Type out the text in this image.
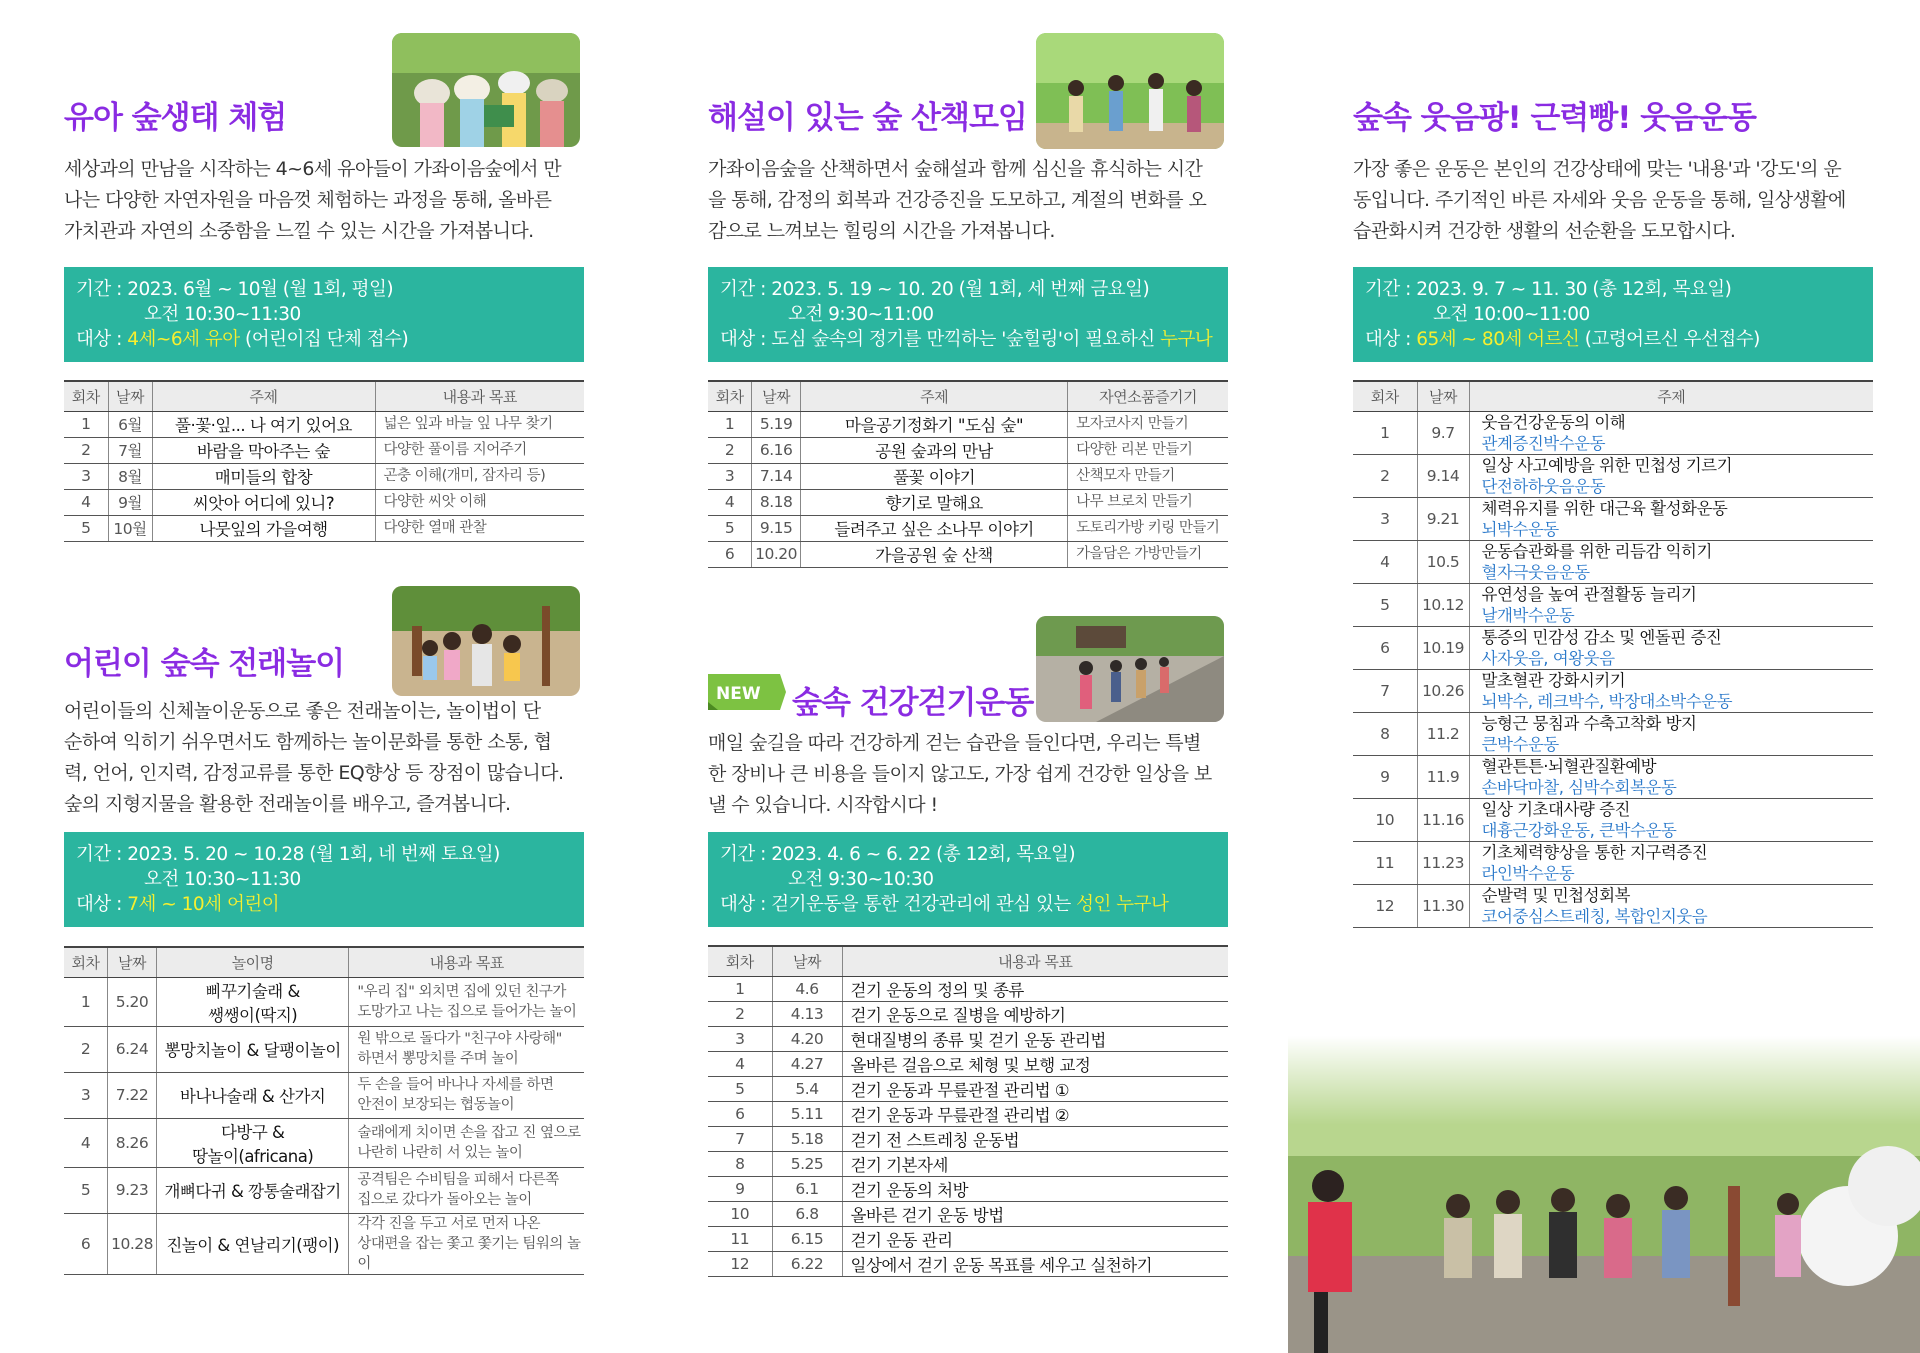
유아 숲생태 체험
세상과의 만남을 시작하는 4~6세 유아들이 가좌이음숲에서 만
나는 다양한 자연자원을 마음껏 체험하는 과정을 통해, 올바른
가치관과 자연의 소중함을 느낄 수 있는 시간을 가져봅니다.
기간 : 2023. 6월 ~ 10월 (월 1회, 평일)
오전 10:30~11:30
대상 : 4세~6세 유아 (어린이집 단체 접수)
회차	날짜	주제	내용과 목표
1	6월	풀·꽃·잎... 나 여기 있어요	넓은 잎과 바늘 잎 나무 찾기
2	7월	바람을 막아주는 숲	다양한 풀이름 지어주기
3	8월	매미들의 합창	곤충 이해(개미, 잠자리 등)
4	9월	씨앗아 어디에 있니?	다양한 씨앗 이해
5	10월	나뭇잎의 가을여행	다양한 열매 관찰
어린이 숲속 전래놀이
어린이들의 신체놀이운동으로 좋은 전래놀이는, 놀이법이 단
순하여 익히기 쉬우면서도 함께하는 놀이문화를 통한 소통, 협
력, 언어, 인지력, 감정교류를 통한 EQ향상 등 장점이 많습니다.
숲의 지형지물을 활용한 전래놀이를 배우고, 즐겨봅니다.
기간 : 2023. 5. 20 ~ 10.28 (월 1회, 네 번째 토요일)
오전 10:30~11:30
대상 : 7세 ~ 10세 어린이
회차	날짜	놀이명	내용과 목표
1	5.20	삐꾸기술래 &
쌩쌩이(딱지)	"우리 집" 외치면 집에 있던 친구가
도망가고 나는 집으로 들어가는 놀이
2	6.24	뽕망치놀이 & 달팽이놀이	원 밖으로 돌다가 "친구야 사랑해"
하면서 뽕망치를 주며 놀이
3	7.22	바나나술래 & 산가지	두 손을 들어 바나나 자세를 하면
안전이 보장되는 협동놀이
4	8.26	다방구 &
땅놀이(africana)	술래에게 치이면 손을 잡고 진 옆으로
나란히 나란히 서 있는 놀이
5	9.23	개뼈다귀 & 깡통술래잡기	공격팀은 수비팀을 피해서 다른쪽
집으로 갔다가 돌아오는 놀이
6	10.28	진놀이 & 연날리기(팽이)	각각 진을 두고 서로 먼저 나온
상대편을 잡는 쫓고 쫓기는 팀워의 놀이
해설이 있는 숲 산책모임
가좌이음숲을 산책하면서 숲해설과 함께 심신을 휴식하는 시간
을 통해, 감정의 회복과 건강증진을 도모하고, 계절의 변화를 오
감으로 느껴보는 힐링의 시간을 가져봅니다.
기간 : 2023. 5. 19 ~ 10. 20 (월 1회, 세 번째 금요일)
오전 9:30~11:00
대상 : 도심 숲속의 정기를 만끽하는 '숲힐링'이 필요하신 누구나
회차	날짜	주제	자연소품즐기기
1	5.19	마을공기정화기 "도심 숲"	모자코사지 만들기
2	6.16	공원 숲과의 만남	다양한 리본 만들기
3	7.14	풀꽃 이야기	산책모자 만들기
4	8.18	향기로 말해요	나무 브로치 만들기
5	9.15	들려주고 싶은 소나무 이야기	도토리가방 키링 만들기
6	10.20	가을공원 숲 산책	가을담은 가방만들기
NEW 숲속 건강걷기운동
매일 숲길을 따라 건강하게 걷는 습관을 들인다면, 우리는 특별
한 장비나 큰 비용을 들이지 않고도, 가장 쉽게 건강한 일상을 보
낼 수 있습니다. 시작합시다 !
기간 : 2023. 4. 6 ~ 6. 22 (총 12회, 목요일)
오전 9:30~10:30
대상 : 걷기운동을 통한 건강관리에 관심 있는 성인 누구나
회차	날짜	내용과 목표
1	4.6	걷기 운동의 정의 및 종류
2	4.13	걷기 운동으로 질병을 예방하기
3	4.20	현대질병의 종류 및 걷기 운동 관리법
4	4.27	올바른 걸음으로 체형 및 보행 교정
5	5.4	걷기 운동과 무릎관절 관리법 ①
6	5.11	걷기 운동과 무릎관절 관리법 ②
7	5.18	걷기 전 스트레칭 운동법
8	5.25	걷기 기본자세
9	6.1	걷기 운동의 처방
10	6.8	올바른 걷기 운동 방법
11	6.15	걷기 운동 관리
12	6.22	일상에서 걷기 운동 목표를 세우고 실천하기
숲속 웃음팡! 근력빵! 웃음운동
가장 좋은 운동은 본인의 건강상태에 맞는 '내용'과 '강도'의 운
동입니다. 주기적인 바른 자세와 웃음 운동을 통해, 일상생활에
습관화시켜 건강한 생활의 선순환을 도모합시다.
기간 : 2023. 9. 7 ~ 11. 30 (총 12회, 목요일)
오전 10:00~11:00
대상 : 65세 ~ 80세 어르신 (고령어르신 우선접수)
회차	날짜	주제
1	9.7	웃음건강운동의 이해
관계증진박수운동

2	9.14	일상 사고예방을 위한 민첩성 기르기
단전하하웃음운동

3	9.21	체력유지를 위한 대근육 활성화운동
뇌박수운동

4	10.5	운동습관화를 위한 리듬감 익히기
혈자극웃음운동

5	10.12	유연성을 높여 관절활동 늘리기
날개박수운동

6	10.19	통증의 민감성 감소 및 엔돌핀 증진
사자웃음, 여왕웃음

7	10.26	말초혈관 강화시키기
뇌박수, 레크박수, 박장대소박수운동

8	11.2	능형근 뭉침과 수축고착화 방지
큰박수운동

9	11.9	혈관튼튼·뇌혈관질환예방
손바닥마찰, 심박수회복운동

10	11.16	일상 기초대사량 증진
대흉근강화운동, 큰박수운동

11	11.23	기초체력향상을 통한 지구력증진
라인박수운동

12	11.30	순발력 및 민첩성회복
코어중심스트레칭, 복합인지웃음
